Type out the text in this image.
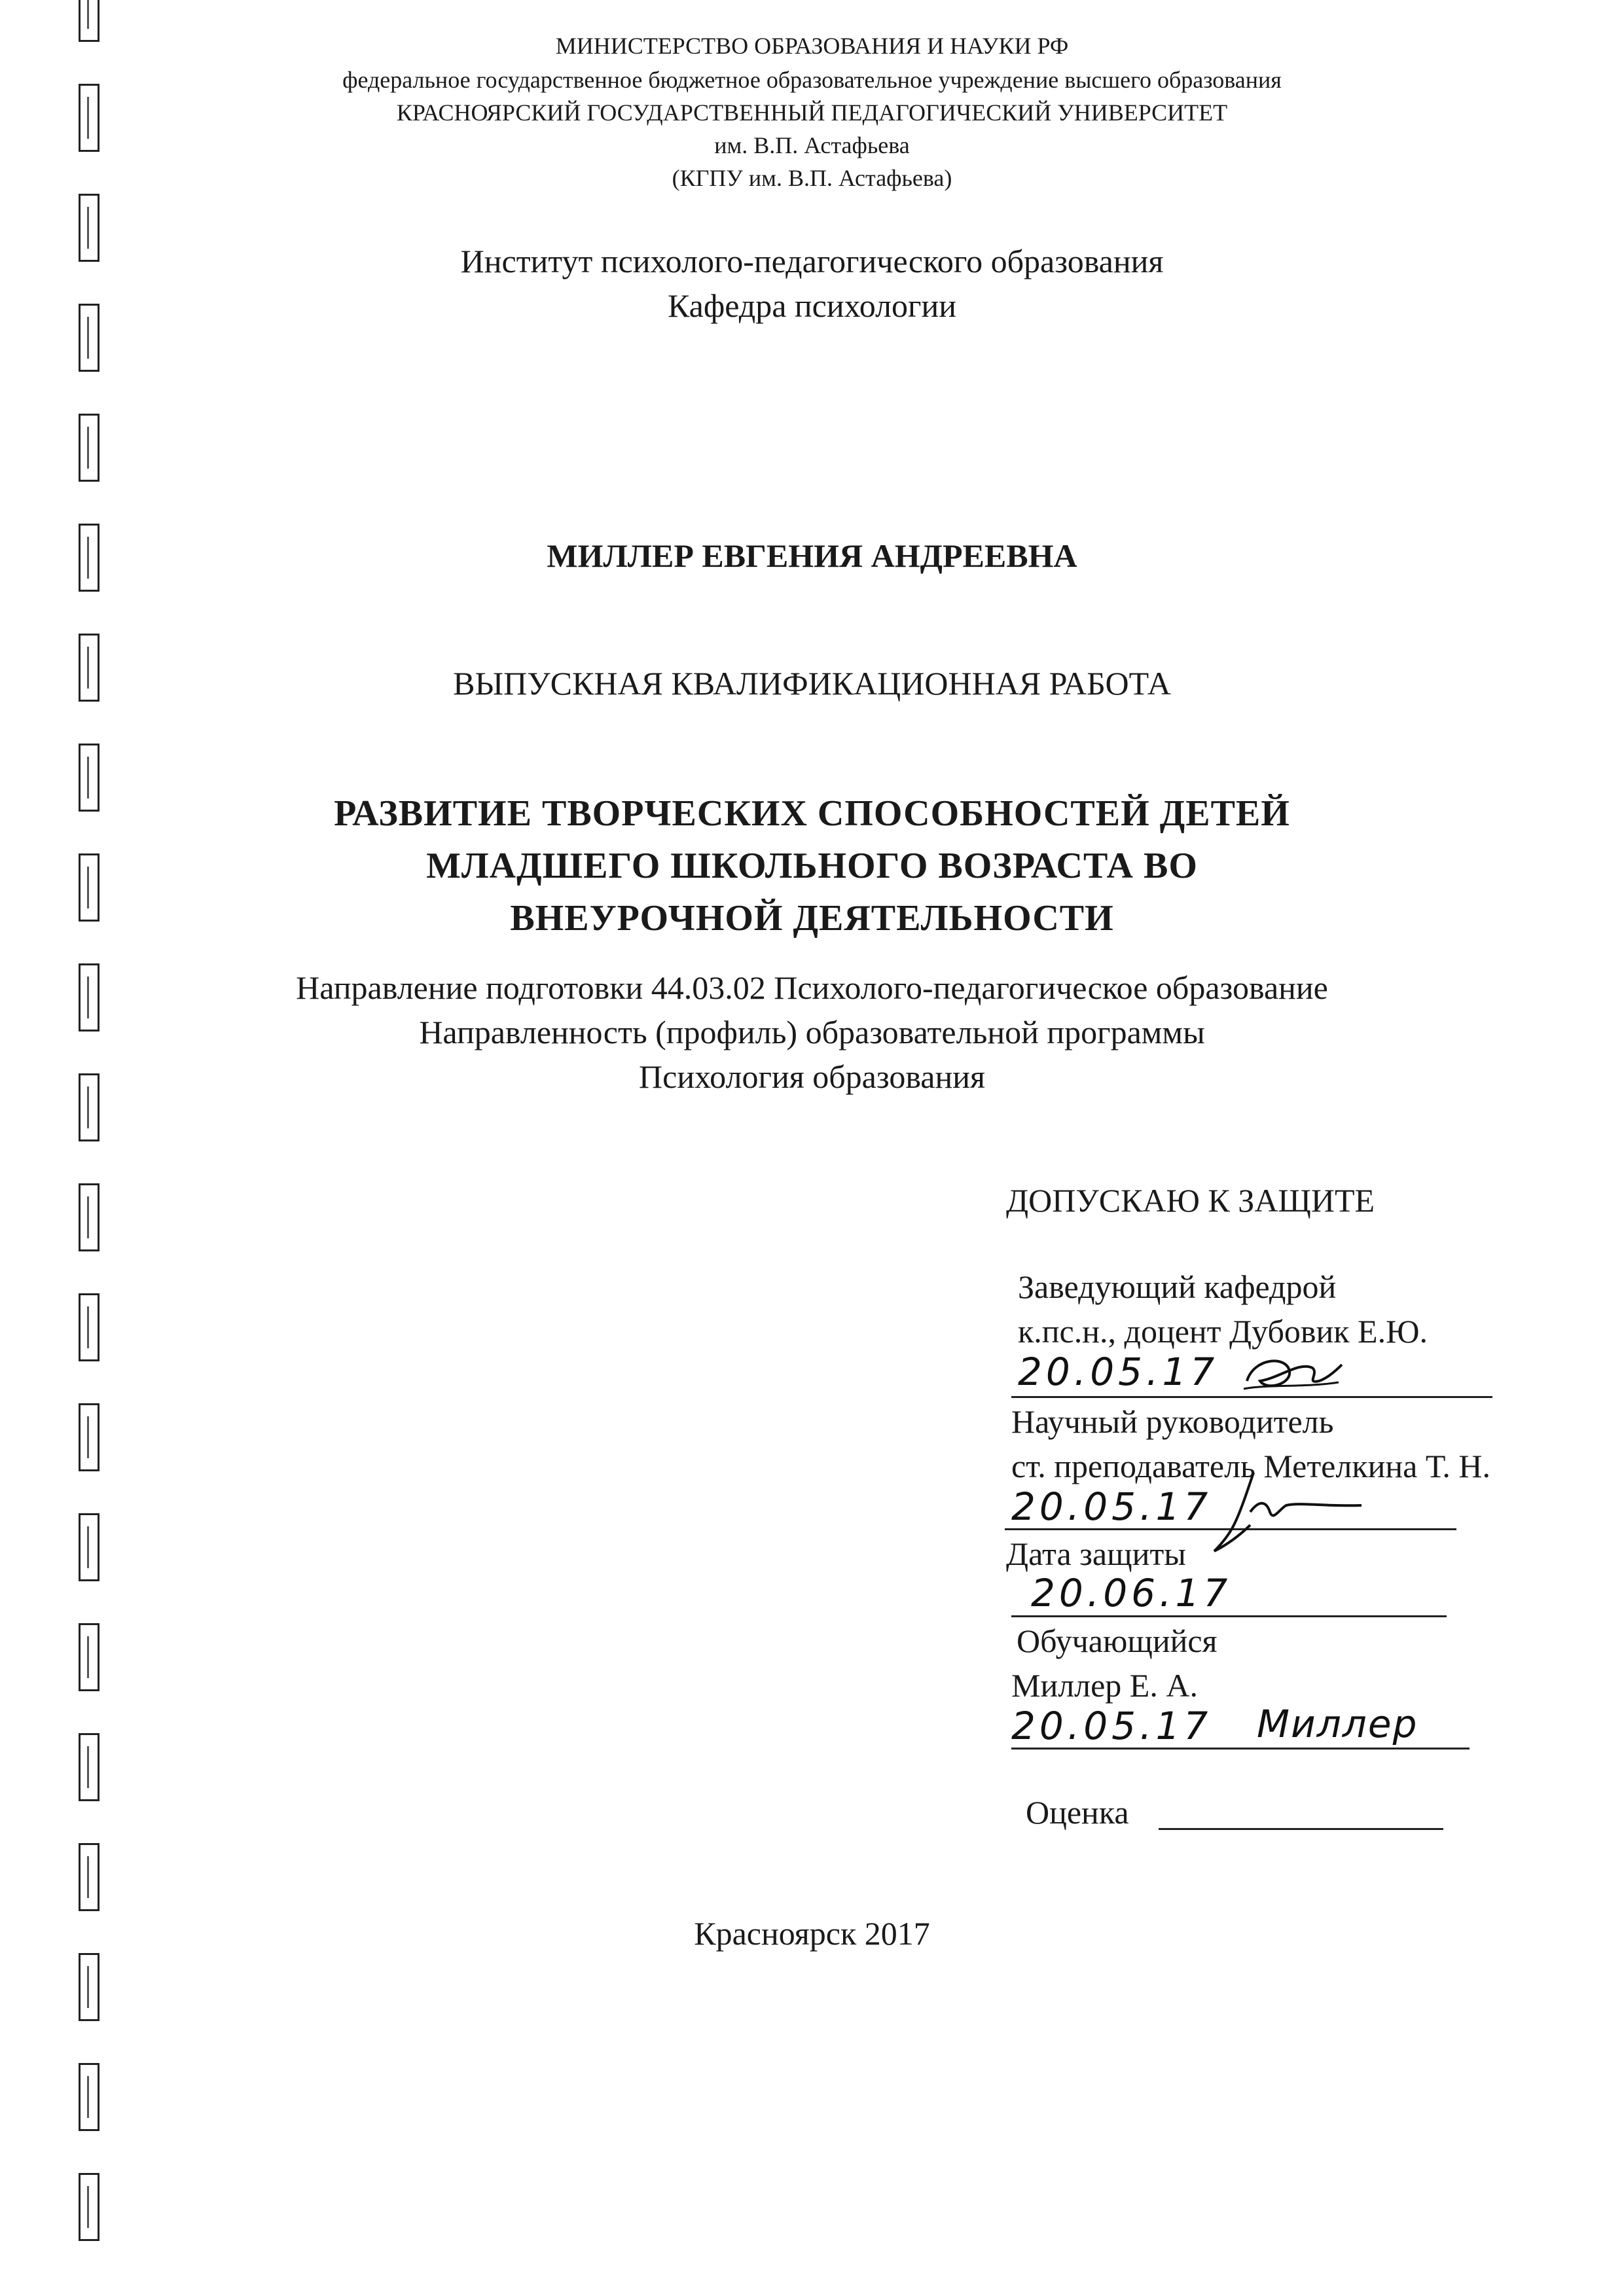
МИНИСТЕРСТВО ОБРАЗОВАНИЯ И НАУКИ РФ
федеральное государственное бюджетное образовательное учреждение высшего образования
КРАСНОЯРСКИЙ ГОСУДАРСТВЕННЫЙ ПЕДАГОГИЧЕСКИЙ УНИВЕРСИТЕТ
им. В.П. Астафьева
(КГПУ им. В.П. Астафьева)
Институт психолого-педагогического образования
Кафедра психологии
МИЛЛЕР ЕВГЕНИЯ АНДРЕЕВНА
ВЫПУСКНАЯ КВАЛИФИКАЦИОННАЯ РАБОТА
РАЗВИТИЕ ТВОРЧЕСКИХ СПОСОБНОСТЕЙ ДЕТЕЙ
МЛАДШЕГО ШКОЛЬНОГО ВОЗРАСТА ВО
ВНЕУРОЧНОЙ ДЕЯТЕЛЬНОСТИ
Направление подготовки 44.03.02 Психолого-педагогическое образование
Направленность (профиль) образовательной программы
Психология образования
ДОПУСКАЮ К ЗАЩИТЕ
Заведующий кафедрой
к.пс.н., доцент Дубовик Е.Ю.
20.05.17
Научный руководитель
ст. преподаватель Метелкина Т. Н.
20.05.17
Дата защиты
20.06.17
Обучающийся
Миллер Е. А.
20.05.17 Миллер
Оценка
Красноярск 2017
